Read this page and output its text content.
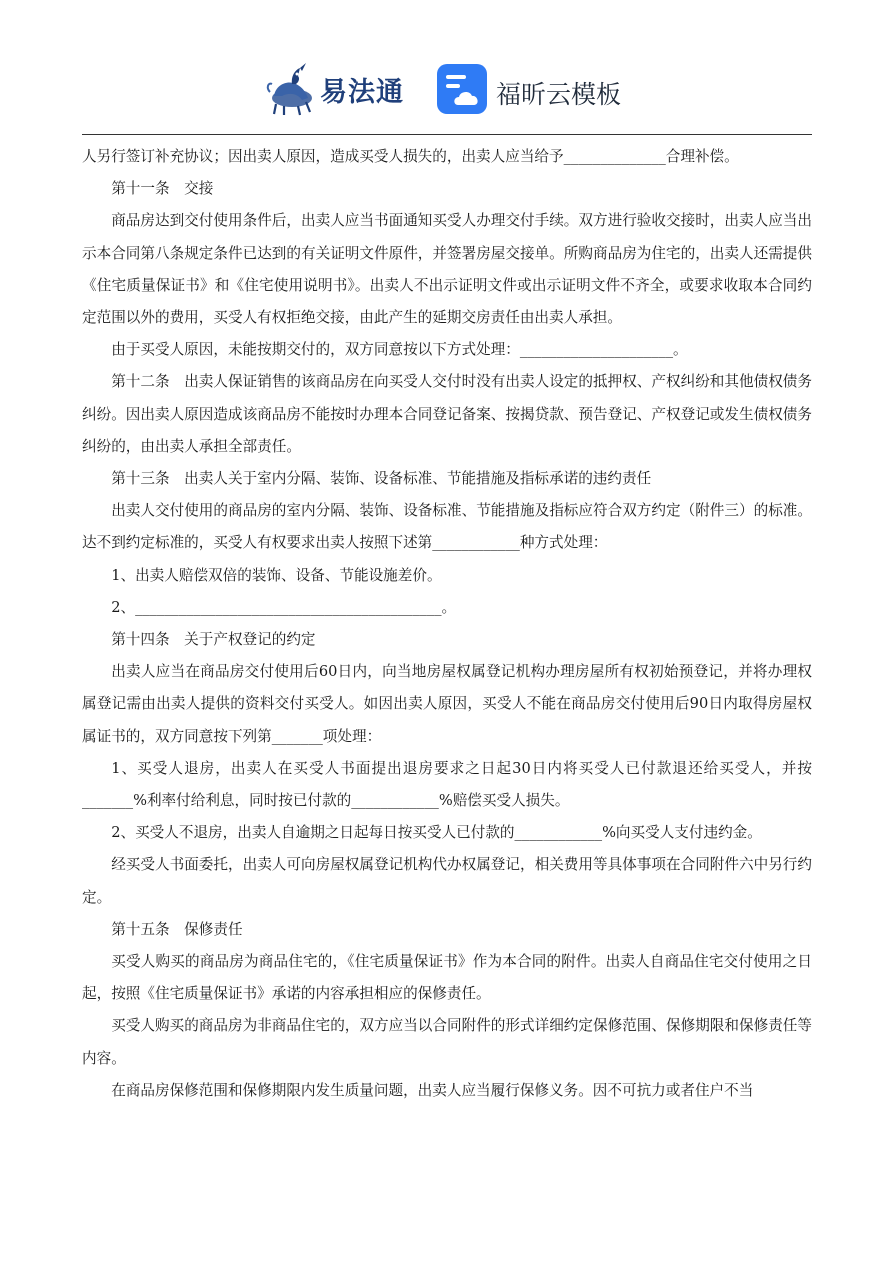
易法通	福昕云模板

人另行签订补充协议；因出卖人原因，造成买受人损失的，出卖人应当给予______________合理补偿。

第十一条　交接

商品房达到交付使用条件后，出卖人应当书面通知买受人办理交付手续。双方进行验收交接时，出卖人应当出示本合同第八条规定条件已达到的有关证明文件原件，并签署房屋交接单。所购商品房为住宅的，出卖人还需提供《住宅质量保证书》和《住宅使用说明书》。出卖人不出示证明文件或出示证明文件不齐全，或要求收取本合同约定范围以外的费用，买受人有权拒绝交接，由此产生的延期交房责任由出卖人承担。

由于买受人原因，未能按期交付的，双方同意按以下方式处理：_____________________。

第十二条　出卖人保证销售的该商品房在向买受人交付时没有出卖人设定的抵押权、产权纠纷和其他债权债务纠纷。因出卖人原因造成该商品房不能按时办理本合同登记备案、按揭贷款、预告登记、产权登记或发生债权债务纠纷的，由出卖人承担全部责任。

第十三条　出卖人关于室内分隔、装饰、设备标准、节能措施及指标承诺的违约责任

出卖人交付使用的商品房的室内分隔、装饰、设备标准、节能措施及指标应符合双方约定（附件三）的标准。达不到约定标准的，买受人有权要求出卖人按照下述第____________种方式处理：

1、出卖人赔偿双倍的装饰、设备、节能设施差价。

2、__________________________________________。

第十四条　关于产权登记的约定

出卖人应当在商品房交付使用后60日内，向当地房屋权属登记机构办理房屋所有权初始预登记，并将办理权属登记需由出卖人提供的资料交付买受人。如因出卖人原因，买受人不能在商品房交付使用后90日内取得房屋权属证书的，双方同意按下列第_______项处理：

1、买受人退房，出卖人在买受人书面提出退房要求之日起30日内将买受人已付款退还给买受人，并按_______%利率付给利息，同时按已付款的____________%赔偿买受人损失。

2、买受人不退房，出卖人自逾期之日起每日按买受人已付款的____________%向买受人支付违约金。

经买受人书面委托，出卖人可向房屋权属登记机构代办权属登记，相关费用等具体事项在合同附件六中另行约定。

第十五条　保修责任

买受人购买的商品房为商品住宅的，《住宅质量保证书》作为本合同的附件。出卖人自商品住宅交付使用之日起，按照《住宅质量保证书》承诺的内容承担相应的保修责任。

买受人购买的商品房为非商品住宅的，双方应当以合同附件的形式详细约定保修范围、保修期限和保修责任等内容。

在商品房保修范围和保修期限内发生质量问题，出卖人应当履行保修义务。因不可抗力或者住户不当
